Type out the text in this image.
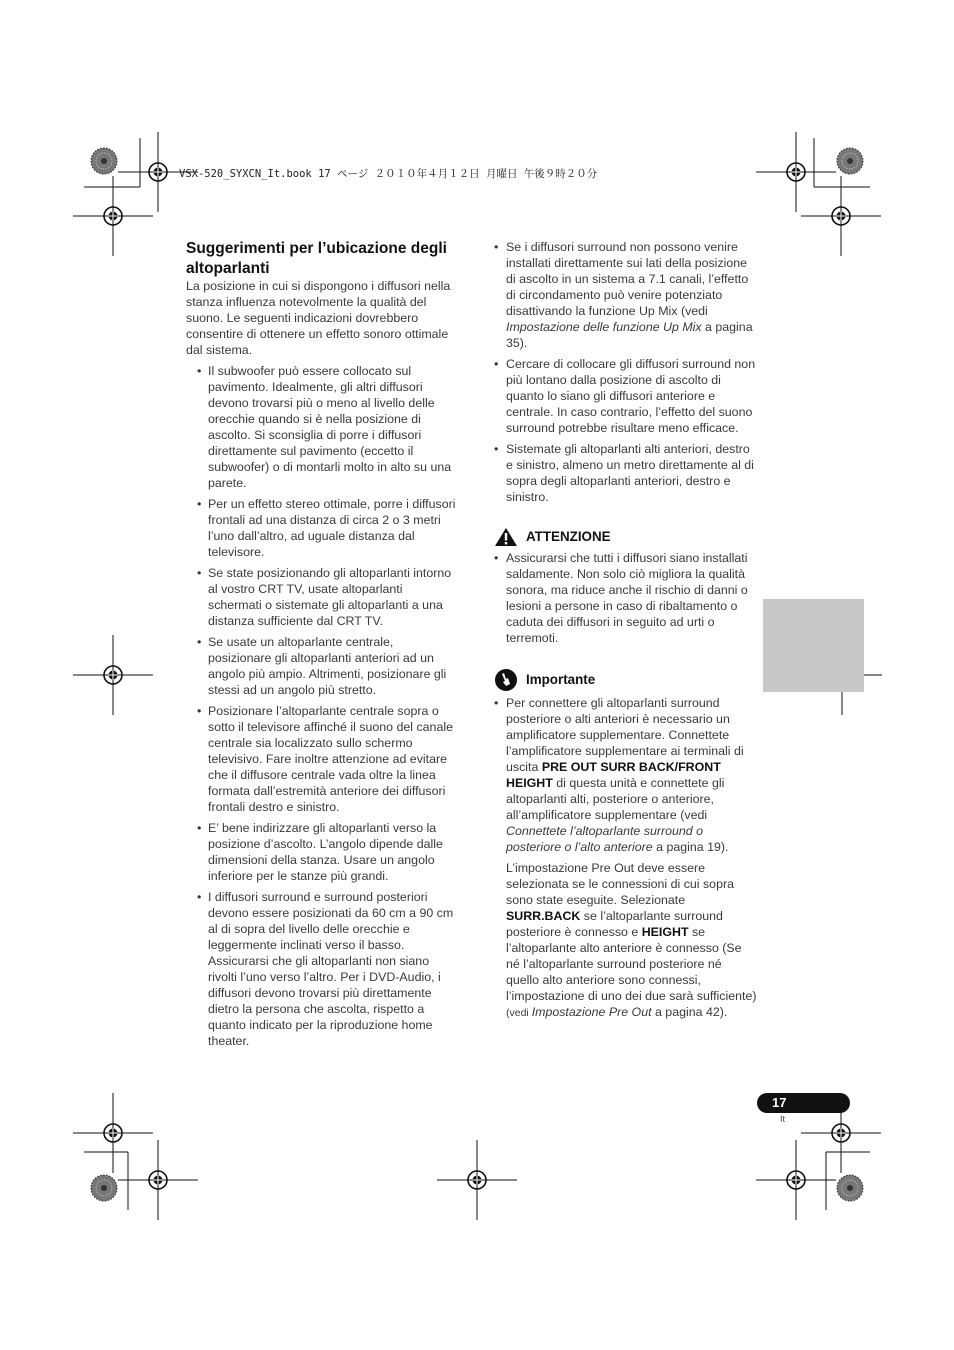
VSX-520_SYXCN_It.book 17 ページ ２０１０年４月１２日 月曜日 午後９時２０分
Suggerimenti per l’ubicazione degli altoparlanti

La posizione in cui si dispongono i diffusori nella stanza influenza notevolmente la qualità del suono. Le seguenti indicazioni dovrebbero consentire di ottenere un effetto sonoro ottimale dal sistema.

• Il subwoofer può essere collocato sul pavimento. Idealmente, gli altri diffusori devono trovarsi più o meno al livello delle orecchie quando si è nella posizione di ascolto. Si sconsiglia di porre i diffusori direttamente sul pavimento (eccetto il subwoofer) o di montarli molto in alto su una parete.
• Per un effetto stereo ottimale, porre i diffusori frontali ad una distanza di circa 2 o 3 metri l’uno dall’altro, ad uguale distanza dal televisore.
• Se state posizionando gli altoparlanti intorno al vostro CRT TV, usate altoparlanti schermati o sistemate gli altoparlanti a una distanza sufficiente dal CRT TV.
• Se usate un altoparlante centrale, posizionare gli altoparlanti anteriori ad un angolo più ampio. Altrimenti, posizionare gli stessi ad un angolo più stretto.
• Posizionare l’altoparlante centrale sopra o sotto il televisore affinché il suono del canale centrale sia localizzato sullo schermo televisivo. Fare inoltre attenzione ad evitare che il diffusore centrale vada oltre la linea formata dall’estremità anteriore dei diffusori frontali destro e sinistro.
• E’ bene indirizzare gli altoparlanti verso la posizione d’ascolto. L’angolo dipende dalle dimensioni della stanza. Usare un angolo inferiore per le stanze più grandi.
• I diffusori surround e surround posteriori devono essere posizionati da 60 cm a 90 cm al di sopra del livello delle orecchie e leggermente inclinati verso il basso. Assicurarsi che gli altoparlanti non siano rivolti l’uno verso l’altro. Per i DVD-Audio, i diffusori devono trovarsi più direttamente dietro la persona che ascolta, rispetto a quanto indicato per la riproduzione home theater.
• Se i diffusori surround non possono venire installati direttamente sui lati della posizione di ascolto in un sistema a 7.1 canali, l’effetto di circondamento può venire potenziato disattivando la funzione Up Mix (vedi Impostazione delle funzione Up Mix a pagina 35).
• Cercare di collocare gli diffusori surround non più lontano dalla posizione di ascolto di quanto lo siano gli diffusori anteriore e centrale. In caso contrario, l’effetto del suono surround potrebbe risultare meno efficace.
• Sistemate gli altoparlanti alti anteriori, destro e sinistro, almeno un metro direttamente al di sopra degli altoparlanti anteriori, destro e sinistro.
ATTENZIONE
• Assicurarsi che tutti i diffusori siano installati saldamente. Non solo ciò migliora la qualità sonora, ma riduce anche il rischio di danni o lesioni a persone in caso di ribaltamento o caduta dei diffusori in seguito ad urti o terremoti.
Importante
• Per connettere gli altoparlanti surround posteriore o alti anteriori è necessario un amplificatore supplementare. Connettete l’amplificatore supplementare ai terminali di uscita PRE OUT SURR BACK/FRONT HEIGHT di questa unità e connettete gli altoparlanti alti, posteriore o anteriore, all’amplificatore supplementare (vedi Connettete l’altoparlante surround o posteriore o l’alto anteriore a pagina 19).

L’impostazione Pre Out deve essere selezionata se le connessioni di cui sopra sono state eseguite. Selezionate SURR.BACK se l’altoparlante surround posteriore è connesso e HEIGHT se l’altoparlante alto anteriore è connesso (Se né l’altoparlante surround posteriore né quello alto anteriore sono connessi, l’impostazione di uno dei due sarà sufficiente) (vedi Impostazione Pre Out a pagina 42).

17
It
